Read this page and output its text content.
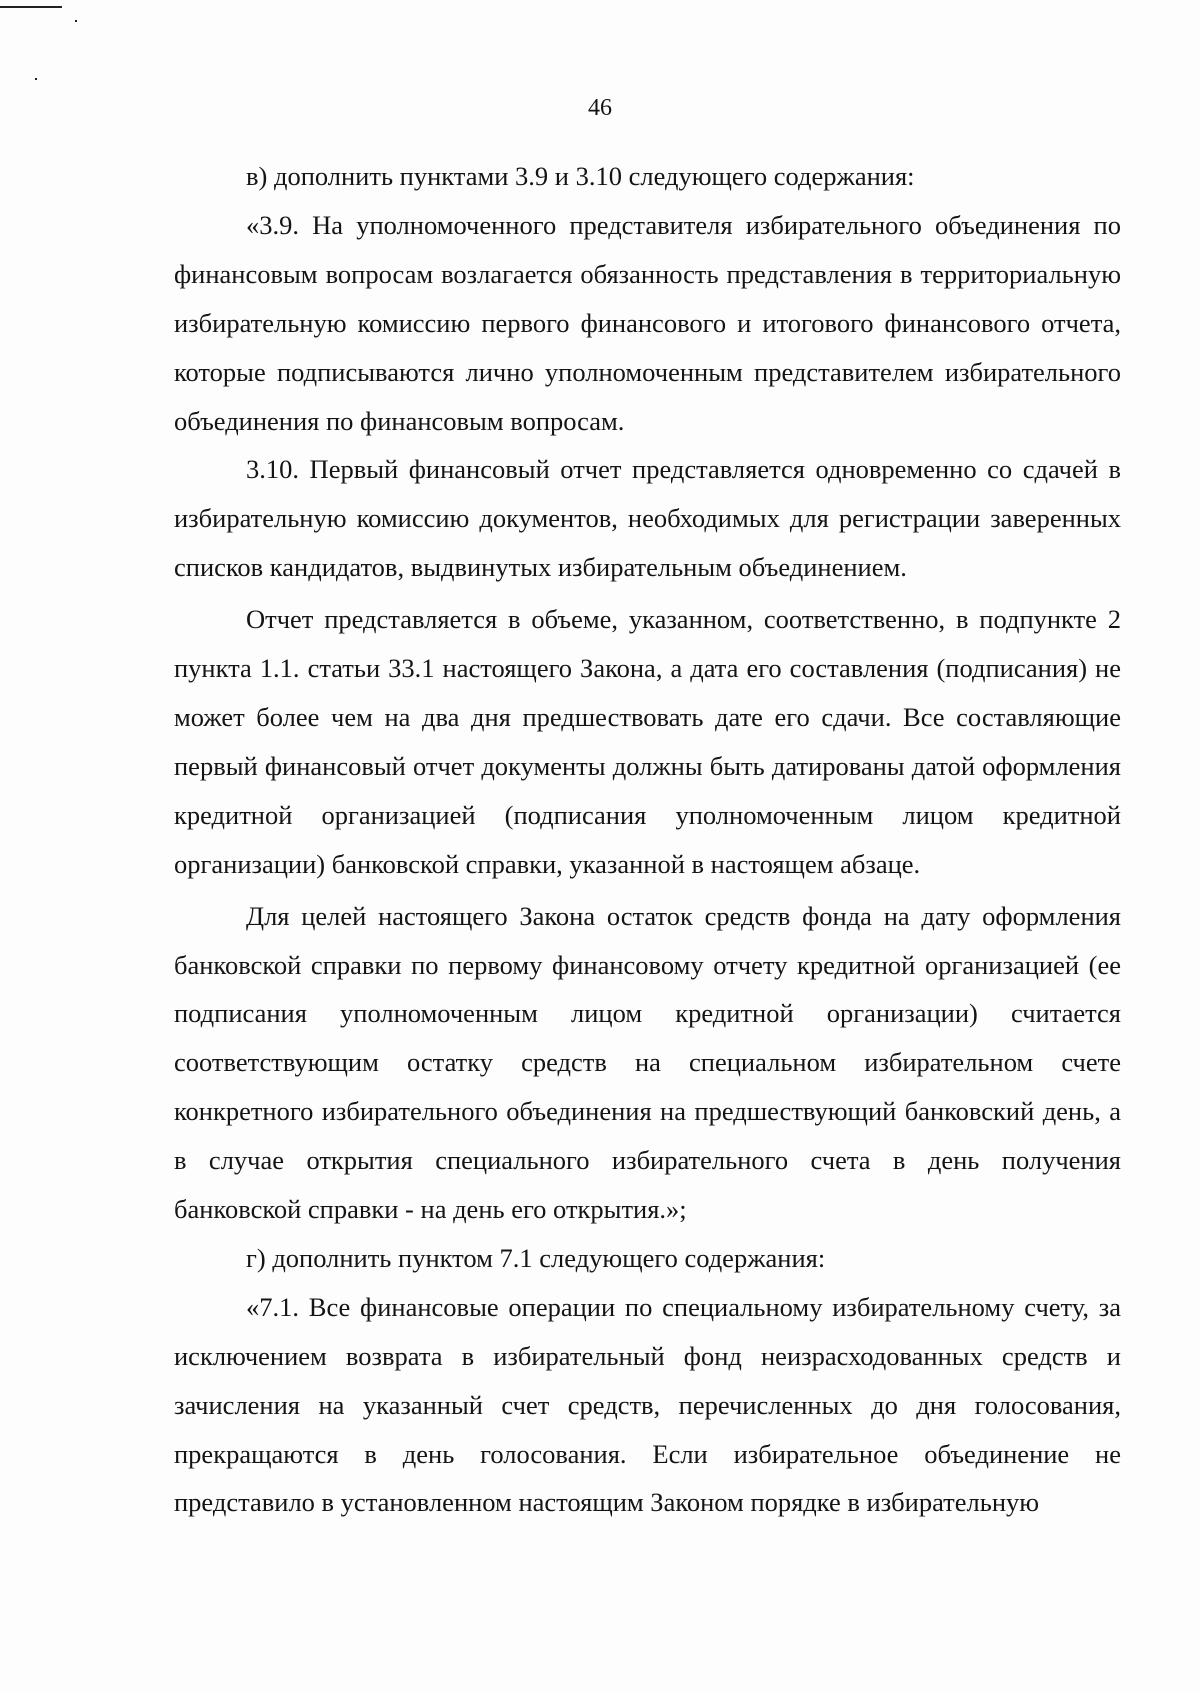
46

в) дополнить пунктами 3.9 и 3.10 следующего содержания:

«3.9. На уполномоченного представителя избирательного объединения по финансовым вопросам возлагается обязанность представления в территориальную избирательную комиссию первого финансового и итогового финансового отчета, которые подписываются лично уполномоченным представителем избирательного объединения по финансовым вопросам.

3.10. Первый финансовый отчет представляется одновременно со сдачей в избирательную комиссию документов, необходимых для регистрации заверенных списков кандидатов, выдвинутых избирательным объединением.

Отчет представляется в объеме, указанном, соответственно, в подпункте 2 пункта 1.1. статьи 33.1 настоящего Закона, а дата его составления (подписания) не может более чем на два дня предшествовать дате его сдачи. Все составляющие первый финансовый отчет документы должны быть датированы датой оформления кредитной организацией (подписания уполномоченным лицом кредитной организации) банковской справки, указанной в настоящем абзаце.

Для целей настоящего Закона остаток средств фонда на дату оформления банковской справки по первому финансовому отчету кредитной организацией (ее подписания уполномоченным лицом кредитной организации) считается соответствующим остатку средств на специальном избирательном счете конкретного избирательного объединения на предшествующий банковский день, а в случае открытия специального избирательного счета в день получения банковской справки - на день его открытия.»;

г) дополнить пунктом 7.1 следующего содержания:

«7.1. Все финансовые операции по специальному избирательному счету, за исключением возврата в избирательный фонд неизрасходованных средств и зачисления на указанный счет средств, перечисленных до дня голосования, прекращаются в день голосования. Если избирательное объединение не представило в установленном настоящим Законом порядке в избирательную
